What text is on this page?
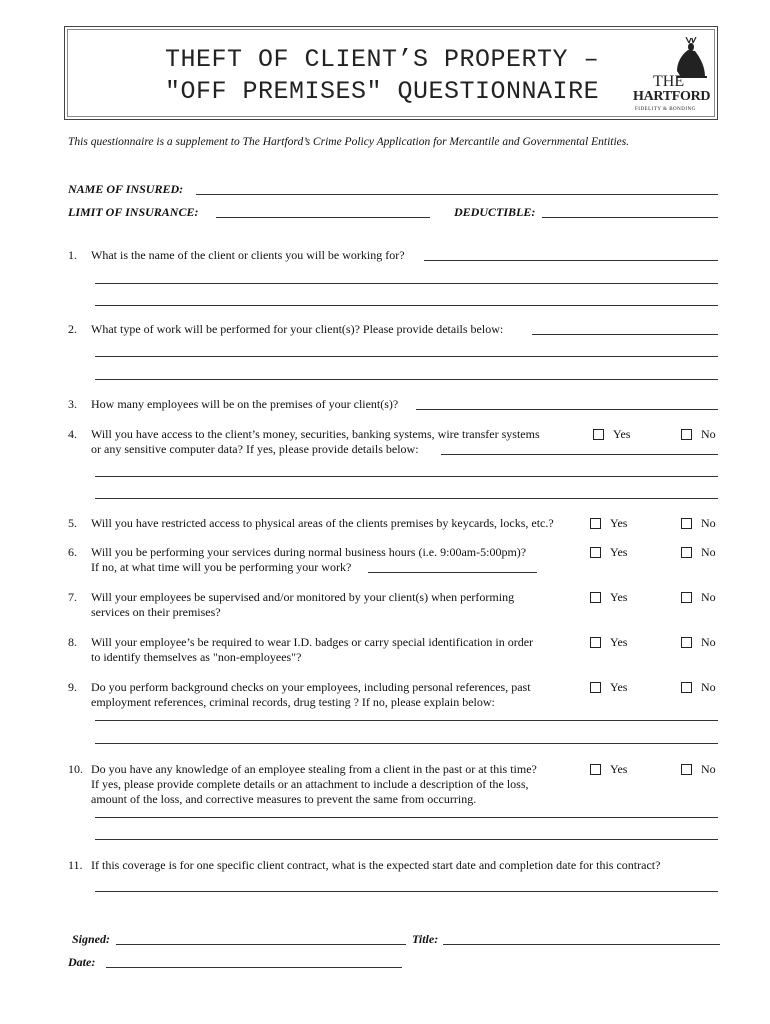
THEFT OF CLIENT’S PROPERTY –
"OFF PREMISES" QUESTIONNAIRE	THE
HARTFORD
FIDELITY & BONDING
This questionnaire is a supplement to The Hartford’s Crime Policy Application for Mercantile and Governmental Entities.
NAME OF INSURED:
LIMIT OF INSURANCE:	DEDUCTIBLE:
1. What is the name of the client or clients you will be working for?
2. What type of work will be performed for your client(s)? Please provide details below:
3. How many employees will be on the premises of your client(s)?
4. Will you have access to the client’s money, securities, banking systems, wire transfer systems
or any sensitive computer data? If yes, please provide details below:
Yes	No
5. Will you have restricted access to physical areas of the clients premises by keycards, locks, etc.?	Yes	No
6. Will you be performing your services during normal business hours (i.e. 9:00am-5:00pm)?
If no, at what time will you be performing your work?
Yes	No
7. Will your employees be supervised and/or monitored by your client(s) when performing
services on their premises?
Yes	No
8. Will your employee’s be required to wear I.D. badges or carry special identification in order
to identify themselves as "non-employees"?
Yes	No
9. Do you perform background checks on your employees, including personal references, past
employment references, criminal records, drug testing ? If no, please explain below:
Yes	No
10. Do you have any knowledge of an employee stealing from a client in the past or at this time?
If yes, please provide complete details or an attachment to include a description of the loss,
amount of the loss, and corrective measures to prevent the same from occurring.
Yes	No
11. If this coverage is for one specific client contract, what is the expected start date and completion date for this contract?
Signed:	Title:
Date:
